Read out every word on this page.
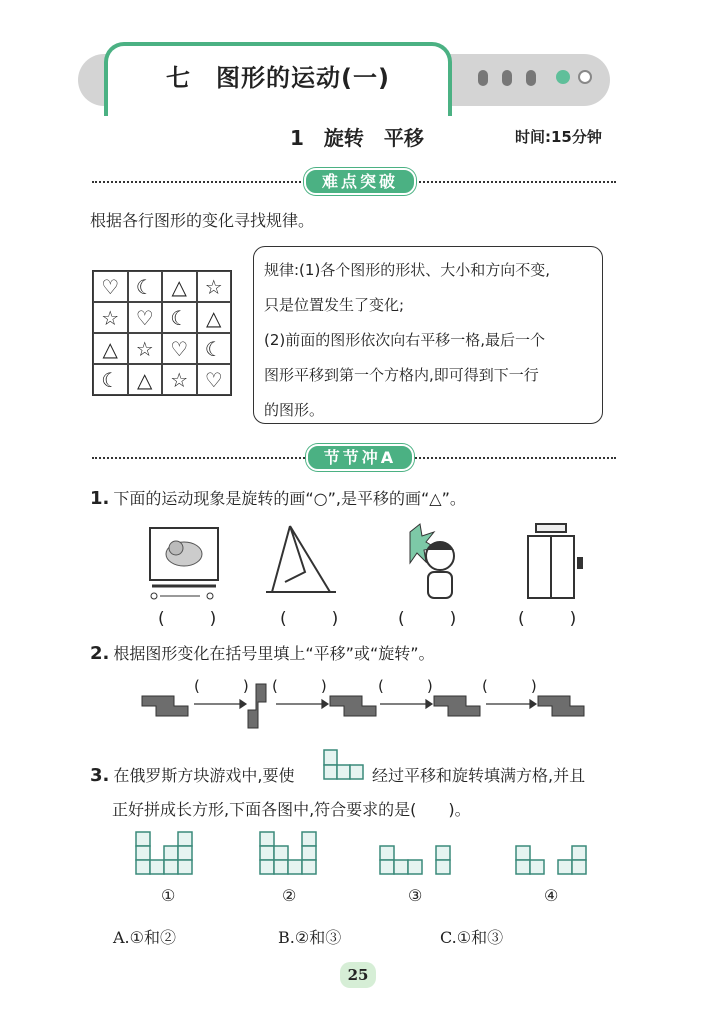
七　图形的运动(一)
1　旋转　平移	时间:15分钟
难点突破
根据各行图形的变化寻找规律。
♡ ☾ △ ☆
☆ ♡ ☾ △
△ ☆ ♡ ☾
☾ △ ☆ ♡
规律:(1)各个图形的形状、大小和方向不变,
只是位置发生了变化;
(2)前面的图形依次向右平移一格,最后一个
图形平移到第一个方格内,即可得到下一行
的图形。
节节冲A
1. 下面的运动现象是旋转的画“○”,是平移的画“△”。
(　)	(　)	(　)	(　)
2. 根据图形变化在括号里填上“平移”或“旋转”。
(　) (　) (　) (　)
3. 在俄罗斯方块游戏中,要使	经过平移和旋转填满方格,并且
正好拼成长方形,下面各图中,符合要求的是(　　)。
①	②	③	④
A.①和②	B.②和③	C.①和③
25
